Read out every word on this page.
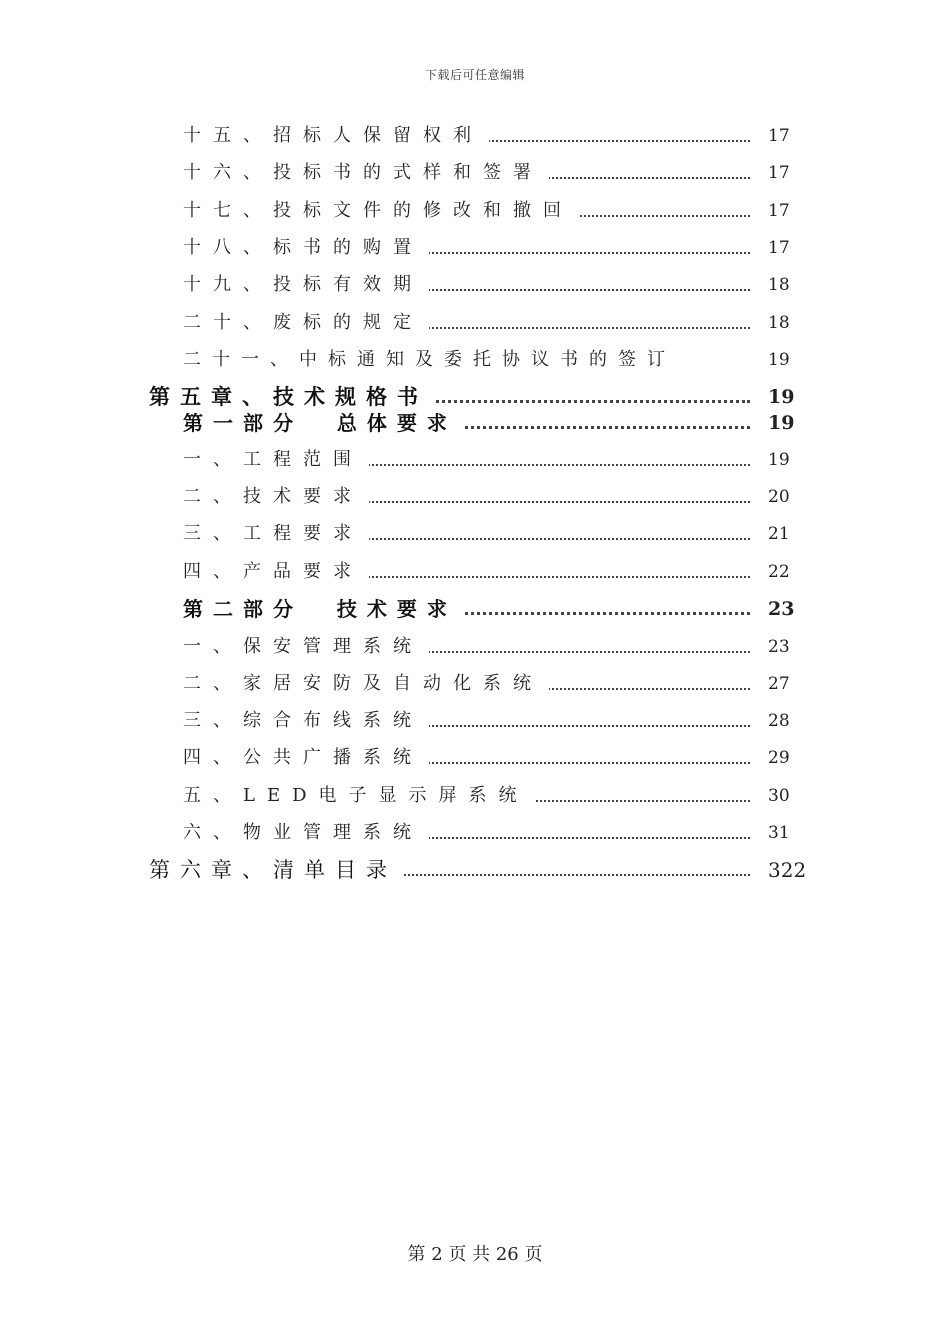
下载后可任意编辑
十五、招标人保留权利	17
十六、投标书的式样和签署	17
十七、投标文件的修改和撤回	17
十八、标书的购置	17
十九、投标有效期	18
二十、废标的规定	18
二十一、中标通知及委托协议书的签订	19
第五章、技术规格书	19
第一部分  总体要求	19
一、工程范围	19
二、技术要求	20
三、工程要求	21
四、产品要求	22
第二部分  技术要求	23
一、保安管理系统	23
二、家居安防及自动化系统	27
三、综合布线系统	28
四、公共广播系统	29
五、LED电子显示屏系统	30
六、物业管理系统	31
第六章、清单目录	322
第 2 页 共 26 页
